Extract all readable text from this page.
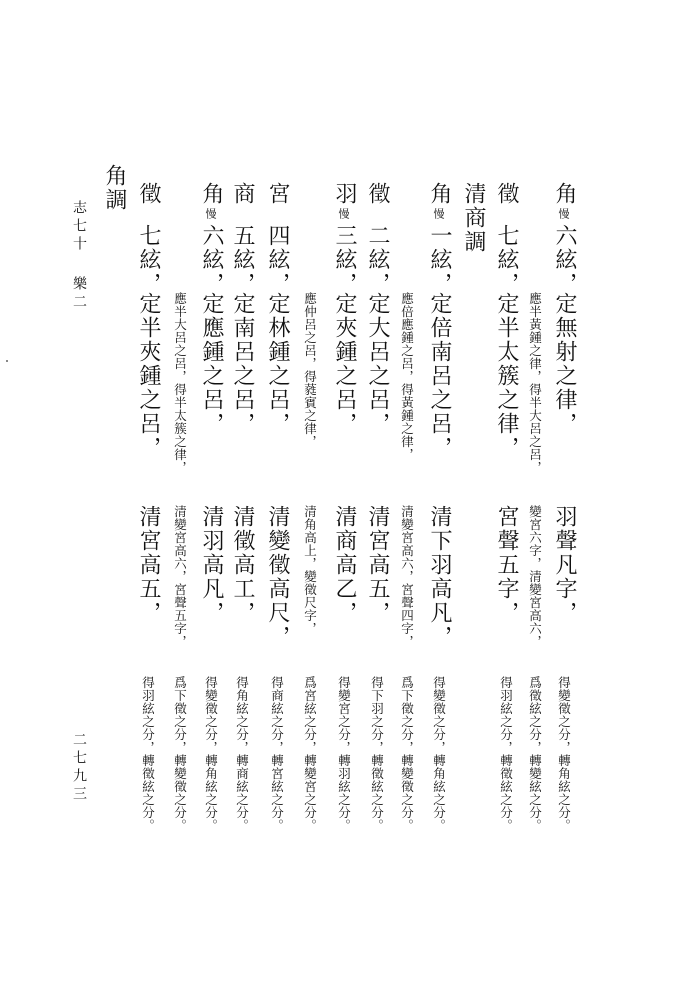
角
慢
六絃，
定無射之律，
羽聲凡字，
得變徵之分，轉角絃之分。
應半黃鍾之律，得半大呂之呂，
變宮六字，清變宮高六，
爲徵絃之分，轉變絃之分。
徵
七絃，
定半太簇之律，
宮聲五字，
得羽絃之分，轉徵絃之分。
清商調
角
慢
一絃，
定倍南呂之呂，
清下羽高凡，
得變徵之分，轉角絃之分。
應倍應鍾之呂，得黃鍾之律，
清變宮高六，宮聲四字，
爲下徵之分，轉變徵之分。
徵
二絃，
定大呂之呂，
清宮高五，
得下羽之分，轉徵絃之分。
羽
慢
三絃，
定夾鍾之呂，
清商高乙，
得變宮之分，轉羽絃之分。
應仲呂之呂，得蕤賓之律，
清角高上，變徵尺字，
爲宮絃之分，轉變宮之分。
宮
四絃，
定林鍾之呂，
清變徵高尺，
得商絃之分，轉宮絃之分。
商
五絃，
定南呂之呂，
清徵高工，
得角絃之分，轉商絃之分。
角
慢
六絃，
定應鍾之呂，
清羽高凡，
得變徵之分，轉角絃之分。
應半大呂之呂，得半太簇之律，
清變宮高六，宮聲五字，
爲下徵之分，轉變徵之分。
徵
七絃，
定半夾鍾之呂，
清宮高五，
得羽絃之分，轉徵絃之分。
角調
志七十
樂二
二七九三
